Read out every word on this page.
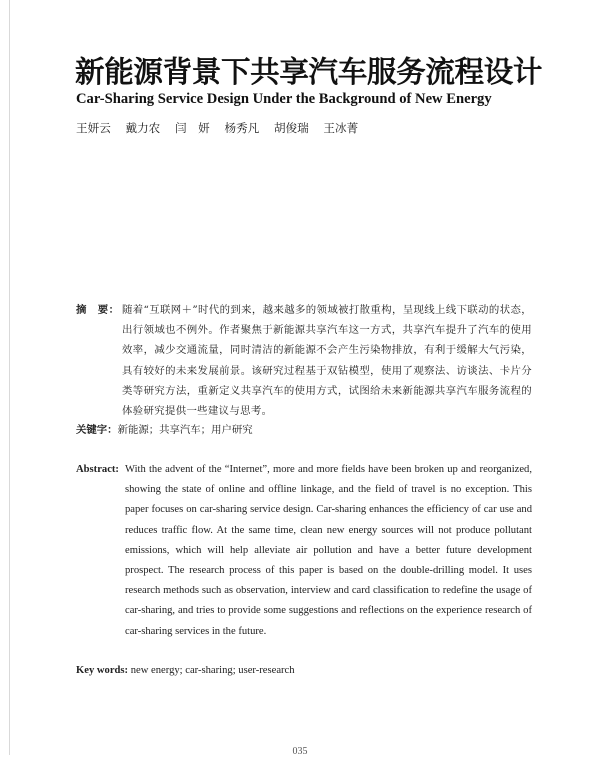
新能源背景下共享汽车服务流程设计
Car-Sharing Service Design Under the Background of New Energy
王妍云 戴力农 闫　妍 杨秀凡 胡俊瑞 王冰菁
摘　要： 随着“互联网＋”时代的到来，越来越多的领域被打散重构，呈现线上线下联动的状态，出行领域也不例外。作者聚焦于新能源共享汽车这一方式，共享汽车提升了汽车的使用效率，减少交通流量，同时清洁的新能源不会产生污染物排放，有利于缓解大气污染，具有较好的未来发展前景。该研究过程基于双钻模型，使用了观察法、访谈法、卡片分类等研究方法，重新定义共享汽车的使用方式，试图给未来新能源共享汽车服务流程的体验研究提供一些建议与思考。
关键字：新能源；共享汽车；用户研究
Abstract: With the advent of the “Internet”, more and more fields have been broken up and reorganized, showing the state of online and offline linkage, and the field of travel is no exception. This paper focuses on car-sharing service design. Car-sharing enhances the efficiency of car use and reduces traffic flow. At the same time, clean new energy sources will not produce pollutant emissions, which will help alleviate air pollution and have a better future development prospect. The research process of this paper is based on the double-drilling model. It uses research methods such as observation, interview and card classification to redefine the usage of car-sharing, and tries to provide some suggestions and reflections on the experience research of car-sharing services in the future.
Key words: new energy; car-sharing; user-research
035
